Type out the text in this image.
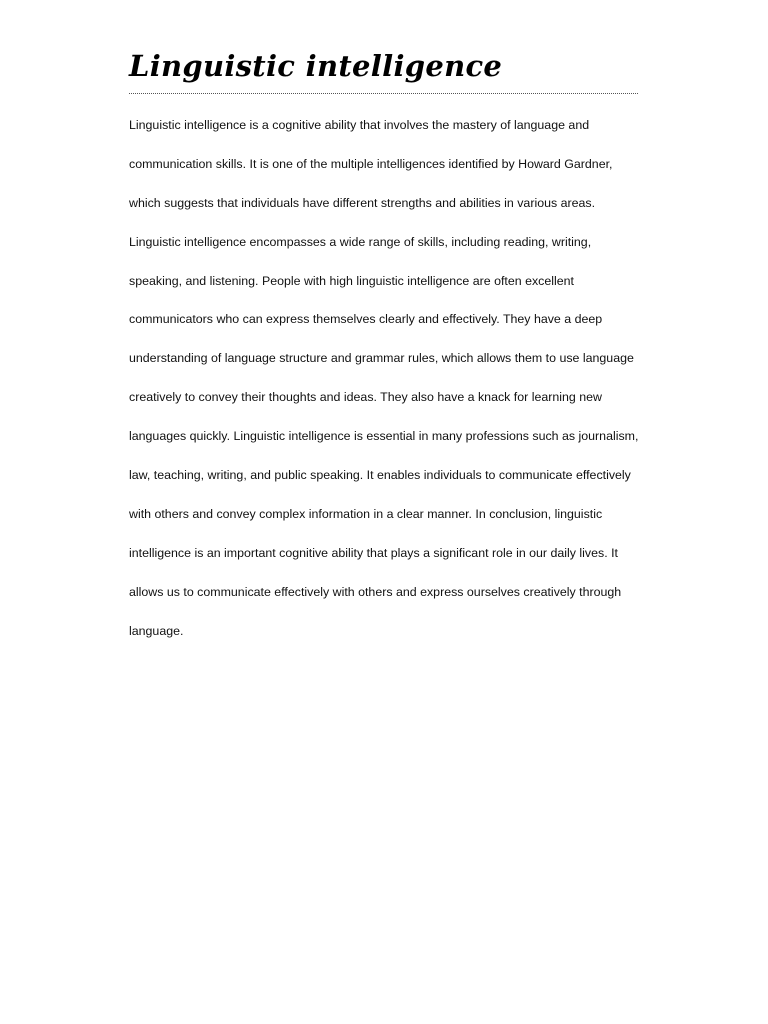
Linguistic intelligence
Linguistic intelligence is a cognitive ability that involves the mastery of language and
communication skills. It is one of the multiple intelligences identified by Howard Gardner,
which suggests that individuals have different strengths and abilities in various areas.
Linguistic intelligence encompasses a wide range of skills, including reading, writing,
speaking, and listening. People with high linguistic intelligence are often excellent
communicators who can express themselves clearly and effectively. They have a deep
understanding of language structure and grammar rules, which allows them to use language
creatively to convey their thoughts and ideas. They also have a knack for learning new
languages quickly. Linguistic intelligence is essential in many professions such as journalism,
law, teaching, writing, and public speaking. It enables individuals to communicate effectively
with others and convey complex information in a clear manner. In conclusion, linguistic
intelligence is an important cognitive ability that plays a significant role in our daily lives. It
allows us to communicate effectively with others and express ourselves creatively through
language.
